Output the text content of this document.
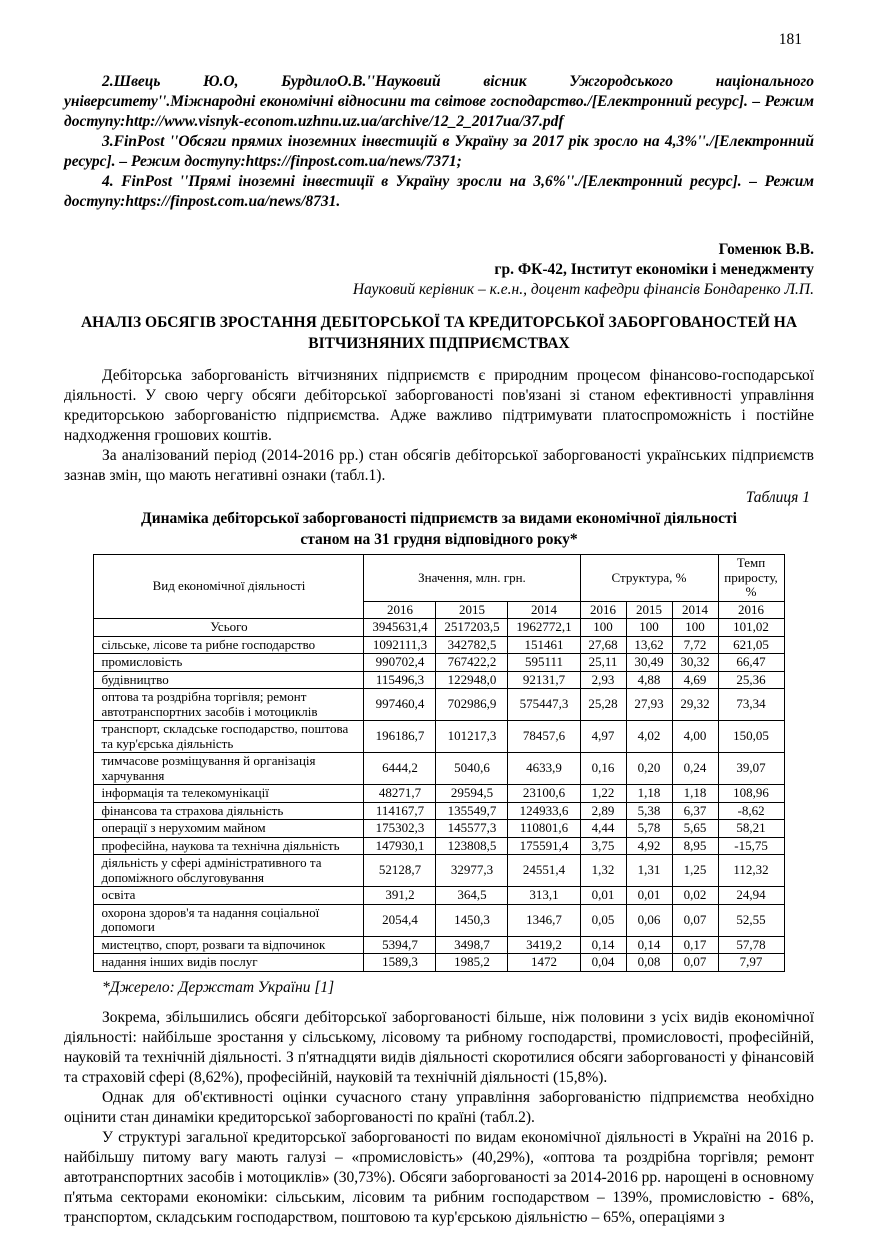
181

2.Швець Ю.О, БурдилоО.В.''Науковий вісник Ужгородського національного університету''.Міжнародні економічні відносини та світове господарство./[Електронний ресурс]. – Режим доступу:http://www.visnyk-econom.uzhnu.uz.ua/archive/12_2_2017ua/37.pdf

3.FinPost ''Обсяги прямих іноземних інвестицій в Україну за 2017 рік зросло на 4,3%''./[Електронний ресурс]. – Режим доступу:https://finpost.com.ua/news/7371;

4. FinPost ''Прямі іноземні інвестиції в Україну зросли на 3,6%''./[Електронний ресурс]. – Режим доступу:https://finpost.com.ua/news/8731.

Гоменюк В.В.
гр. ФК-42, Інститут економіки і менеджменту
Науковий керівник – к.е.н., доцент кафедри фінансів Бондаренко Л.П.
АНАЛІЗ ОБСЯГІВ ЗРОСТАННЯ ДЕБІТОРСЬКОЇ ТА КРЕДИТОРСЬКОЇ ЗАБОРГОВАНОСТЕЙ НА ВІТЧИЗНЯНИХ ПІДПРИЄМСТВАХ

Дебіторська заборгованість вітчизняних підприємств є природним процесом фінансово-господарської діяльності. У свою чергу обсяги дебіторської заборгованості пов'язані зі станом ефективності управління кредиторською заборгованістю підприємства. Адже важливо підтримувати платоспроможність і постійне надходження грошових коштів.

За аналізований період (2014-2016 рр.) стан обсягів дебіторської заборгованості українських підприємств зазнав змін, що мають негативні ознаки (табл.1).

Таблиця 1
Динаміка дебіторської заборгованості підприємств за видами економічної діяльності
станом на 31 грудня відповідного року*
Вид економічної діяльності	Значення, млн. грн.			Структура, %			Темп приросту, %
	2016	2015	2014	2016	2015	2014	2016
Усього	3945631,4	2517203,5	1962772,1	100	100	100	101,02
сільське, лісове та рибне господарство	1092111,3	342782,5	151461	27,68	13,62	7,72	621,05
промисловість	990702,4	767422,2	595111	25,11	30,49	30,32	66,47
будівництво	115496,3	122948,0	92131,7	2,93	4,88	4,69	25,36
оптова та роздрібна торгівля; ремонт автотранспортних засобів і мотоциклів	997460,4	702986,9	575447,3	25,28	27,93	29,32	73,34
транспорт, складське господарство, поштова та кур'єрська діяльність	196186,7	101217,3	78457,6	4,97	4,02	4,00	150,05
тимчасове розміщування й організація харчування	6444,2	5040,6	4633,9	0,16	0,20	0,24	39,07
інформація та телекомунікації	48271,7	29594,5	23100,6	1,22	1,18	1,18	108,96
фінансова та страхова діяльність	114167,7	135549,7	124933,6	2,89	5,38	6,37	-8,62
операції з нерухомим майном	175302,3	145577,3	110801,6	4,44	5,78	5,65	58,21
професійна, наукова та технічна діяльність	147930,1	123808,5	175591,4	3,75	4,92	8,95	-15,75
діяльність у сфері адміністративного та допоміжного обслуговування	52128,7	32977,3	24551,4	1,32	1,31	1,25	112,32
освіта	391,2	364,5	313,1	0,01	0,01	0,02	24,94
охорона здоров'я та надання соціальної допомоги	2054,4	1450,3	1346,7	0,05	0,06	0,07	52,55
мистецтво, спорт, розваги та відпочинок	5394,7	3498,7	3419,2	0,14	0,14	0,17	57,78
надання інших видів послуг	1589,3	1985,2	1472	0,04	0,08	0,07	7,97
*Джерело: Держстат України [1]

Зокрема, збільшились обсяги дебіторської заборгованості більше, ніж половини з усіх видів економічної діяльності: найбільше зростання у сільському, лісовому та рибному господарстві, промисловості, професійній, науковій та технічній діяльності. З п'ятнадцяти видів діяльності скоротилися обсяги заборгованості у фінансовій та страховій сфері (8,62%), професійній, науковій та технічній діяльності (15,8%).

Однак для об'єктивності оцінки сучасного стану управління заборгованістю підприємства необхідно оцінити стан динаміки кредиторської заборгованості по країні (табл.2).

У структурі загальної кредиторської заборгованості по видам економічної діяльності в Україні на 2016 р. найбільшу питому вагу мають галузі – «промисловість» (40,29%), «оптова та роздрібна торгівля; ремонт автотранспортних засобів і мотоциклів» (30,73%). Обсяги заборгованості за 2014-2016 рр. нарощені в основному п'ятьма секторами економіки: сільським, лісовим та рибним господарством – 139%, промисловістю - 68%, транспортом, складським господарством, поштовою та кур'єрською діяльністю – 65%, операціями з
